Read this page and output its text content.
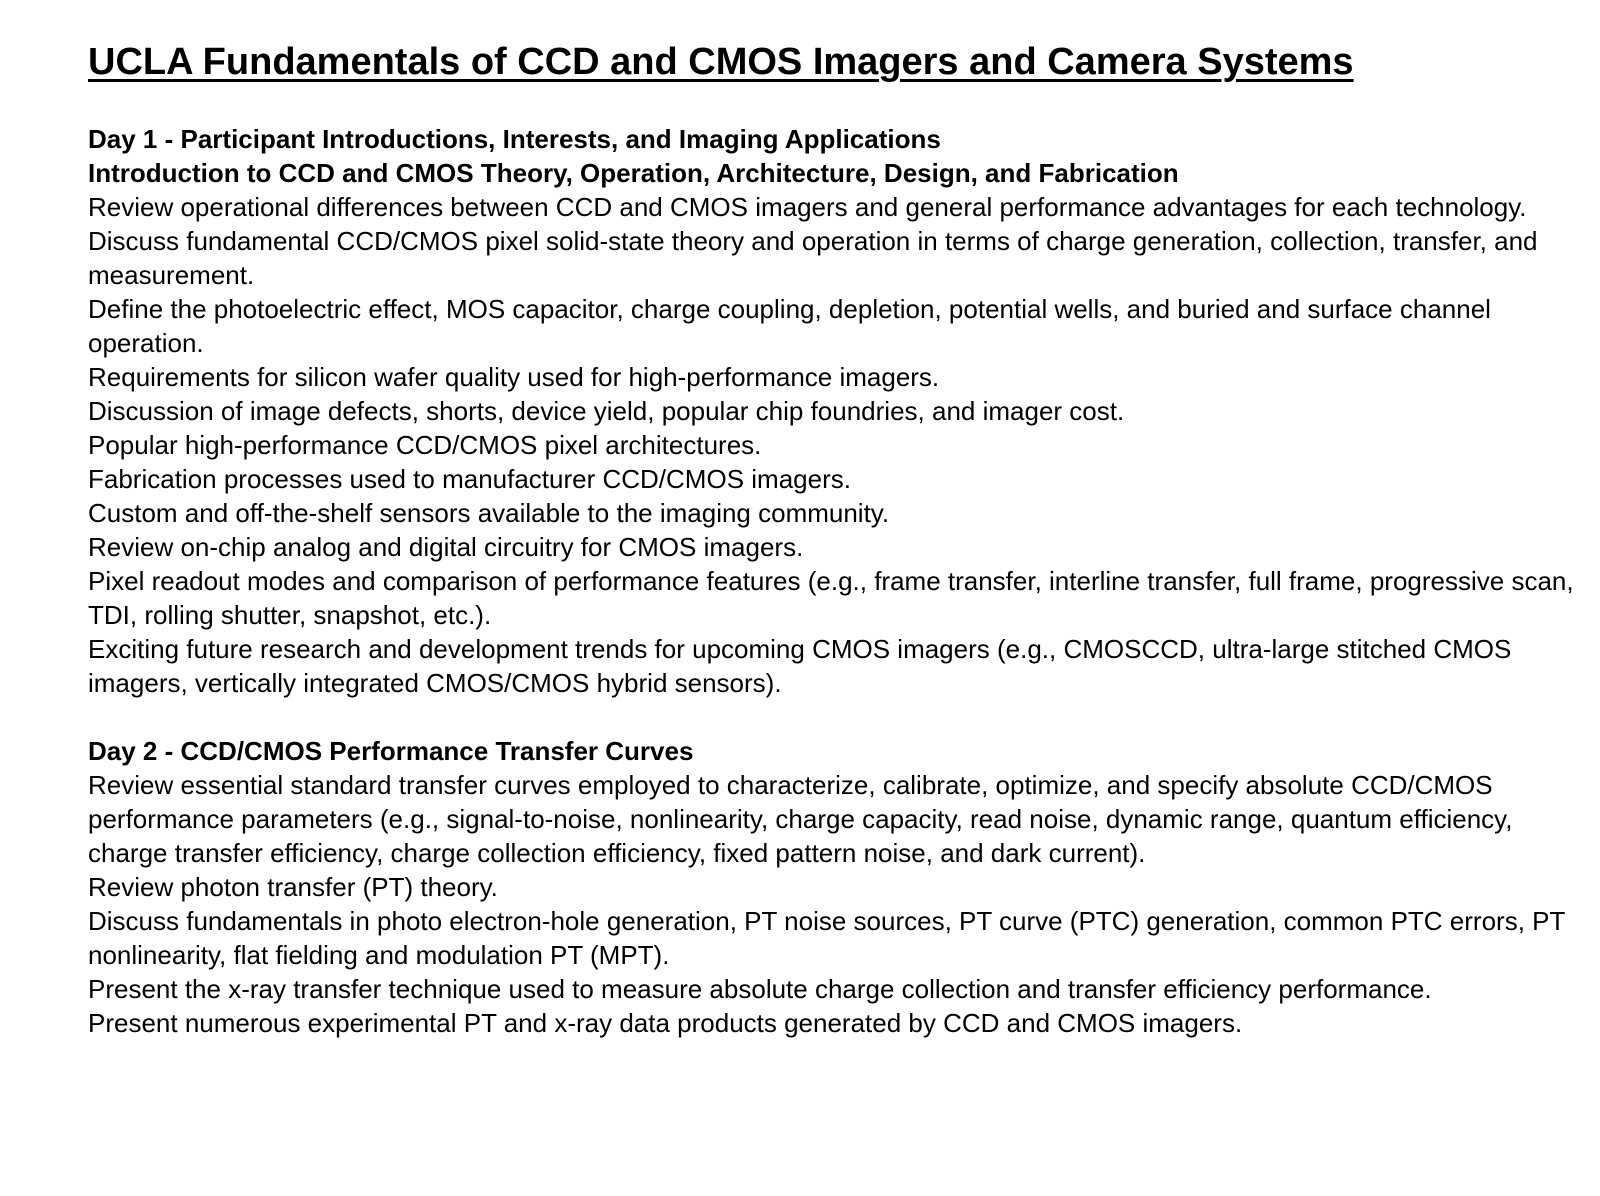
UCLA Fundamentals of CCD and CMOS Imagers and Camera Systems

Day 1 - Participant Introductions, Interests, and Imaging Applications

Introduction to CCD and CMOS Theory, Operation, Architecture, Design, and Fabrication

Review operational differences between CCD and CMOS imagers and general performance advantages for each technology.

Discuss fundamental CCD/CMOS pixel solid-state theory and operation in terms of charge generation, collection, transfer, and measurement.

Define the photoelectric effect, MOS capacitor, charge coupling, depletion, potential wells, and buried and surface channel operation.

Requirements for silicon wafer quality used for high-performance imagers.

Discussion of image defects, shorts, device yield, popular chip foundries, and imager cost.

Popular high-performance CCD/CMOS pixel architectures.

Fabrication processes used to manufacturer CCD/CMOS imagers.

Custom and off-the-shelf sensors available to the imaging community.

Review on-chip analog and digital circuitry for CMOS imagers.

Pixel readout modes and comparison of performance features (e.g., frame transfer, interline transfer, full frame, progressive scan, TDI, rolling shutter, snapshot, etc.).

Exciting future research and development trends for upcoming CMOS imagers (e.g., CMOSCCD, ultra-large stitched CMOS imagers, vertically integrated CMOS/CMOS hybrid sensors).

Day 2 - CCD/CMOS Performance Transfer Curves

Review essential standard transfer curves employed to characterize, calibrate, optimize, and specify absolute CCD/CMOS performance parameters (e.g., signal-to-noise, nonlinearity, charge capacity, read noise, dynamic range, quantum efficiency, charge transfer efficiency, charge collection efficiency, fixed pattern noise, and dark current).

Review photon transfer (PT) theory.

Discuss fundamentals in photo electron-hole generation, PT noise sources, PT curve (PTC) generation, common PTC errors, PT nonlinearity, flat fielding and modulation PT (MPT).

Present the x-ray transfer technique used to measure absolute charge collection and transfer efficiency performance.

Present numerous experimental PT and x-ray data products generated by CCD and CMOS imagers.
